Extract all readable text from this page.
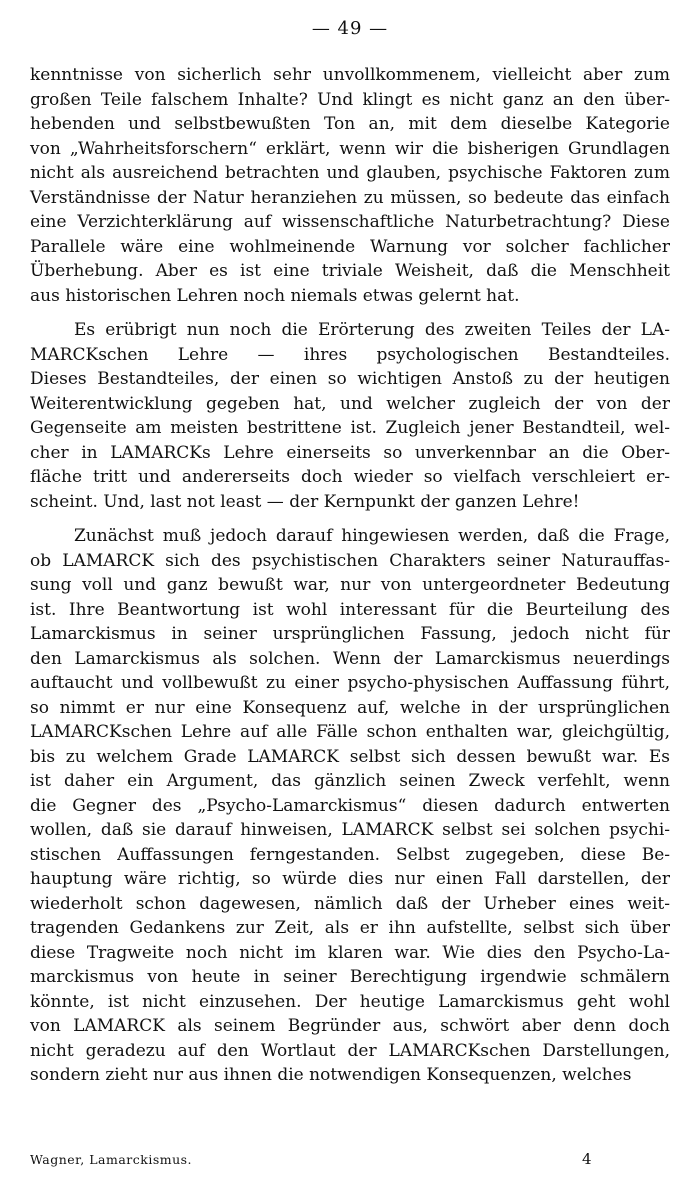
— 49 —
kenntnisse von sicherlich sehr unvollkommenem, vielleicht aber zum
großen Teile falschem Inhalte? Und klingt es nicht ganz an den über-
hebenden und selbstbewußten Ton an, mit dem dieselbe Kategorie
von „Wahrheitsforschern“ erklärt, wenn wir die bisherigen Grundlagen
nicht als ausreichend betrachten und glauben, psychische Faktoren zum
Verständnisse der Natur heranziehen zu müssen, so bedeute das einfach
eine Verzichterklärung auf wissenschaftliche Naturbetrachtung? Diese
Parallele wäre eine wohlmeinende Warnung vor solcher fachlicher
Überhebung. Aber es ist eine triviale Weisheit, daß die Menschheit
aus historischen Lehren noch niemals etwas gelernt hat.
Es erübrigt nun noch die Erörterung des zweiten Teiles der LA-
MARCKschen Lehre — ihres psychologischen Bestandteiles.
Dieses Bestandteiles, der einen so wichtigen Anstoß zu der heutigen
Weiterentwicklung gegeben hat, und welcher zugleich der von der
Gegenseite am meisten bestrittene ist. Zugleich jener Bestandteil, wel-
cher in LAMARCKs Lehre einerseits so unverkennbar an die Ober-
fläche tritt und andererseits doch wieder so vielfach verschleiert er-
scheint. Und, last not least — der Kernpunkt der ganzen Lehre!
Zunächst muß jedoch darauf hingewiesen werden, daß die Frage,
ob LAMARCK sich des psychistischen Charakters seiner Naturauffas-
sung voll und ganz bewußt war, nur von untergeordneter Bedeutung
ist. Ihre Beantwortung ist wohl interessant für die Beurteilung des
Lamarckismus in seiner ursprünglichen Fassung, jedoch nicht für
den Lamarckismus als solchen. Wenn der Lamarckismus neuerdings
auftaucht und vollbewußt zu einer psycho-physischen Auffassung führt,
so nimmt er nur eine Konsequenz auf, welche in der ursprünglichen
LAMARCKschen Lehre auf alle Fälle schon enthalten war, gleichgültig,
bis zu welchem Grade LAMARCK selbst sich dessen bewußt war. Es
ist daher ein Argument, das gänzlich seinen Zweck verfehlt, wenn
die Gegner des „Psycho-Lamarckismus“ diesen dadurch entwerten
wollen, daß sie darauf hinweisen, LAMARCK selbst sei solchen psychi-
stischen Auffassungen ferngestanden. Selbst zugegeben, diese Be-
hauptung wäre richtig, so würde dies nur einen Fall darstellen, der
wiederholt schon dagewesen, nämlich daß der Urheber eines weit-
tragenden Gedankens zur Zeit, als er ihn aufstellte, selbst sich über
diese Tragweite noch nicht im klaren war. Wie dies den Psycho-La-
marckismus von heute in seiner Berechtigung irgendwie schmälern
könnte, ist nicht einzusehen. Der heutige Lamarckismus geht wohl
von LAMARCK als seinem Begründer aus, schwört aber denn doch
nicht geradezu auf den Wortlaut der LAMARCKschen Darstellungen,
sondern zieht nur aus ihnen die notwendigen Konsequenzen, welches
Wagner, Lamarckismus.	4
